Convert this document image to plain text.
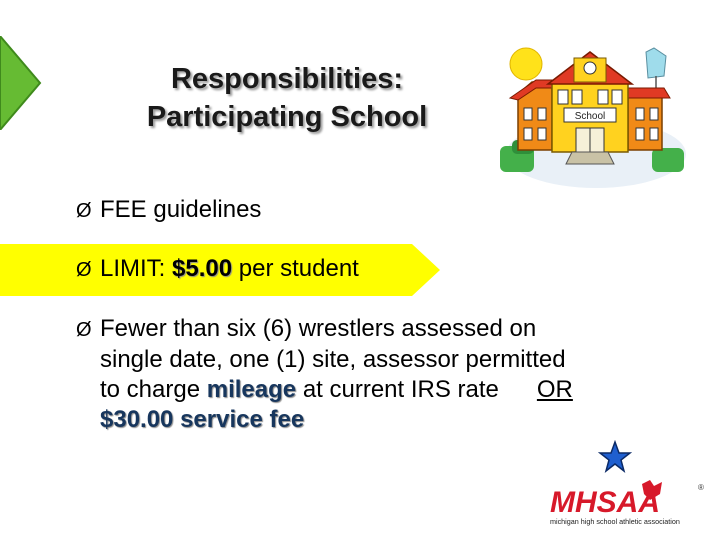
Responsibilities:
Participating School	School
Ø FEE guidelines
Ø LIMIT: $5.00 per student
Ø Fewer than six (6) wrestlers assessed on
single date, one (1) site, assessor permitted
to charge mileage at current IRS rate OR
$30.00 service fee
MHSAA	®
michigan high school athletic association
